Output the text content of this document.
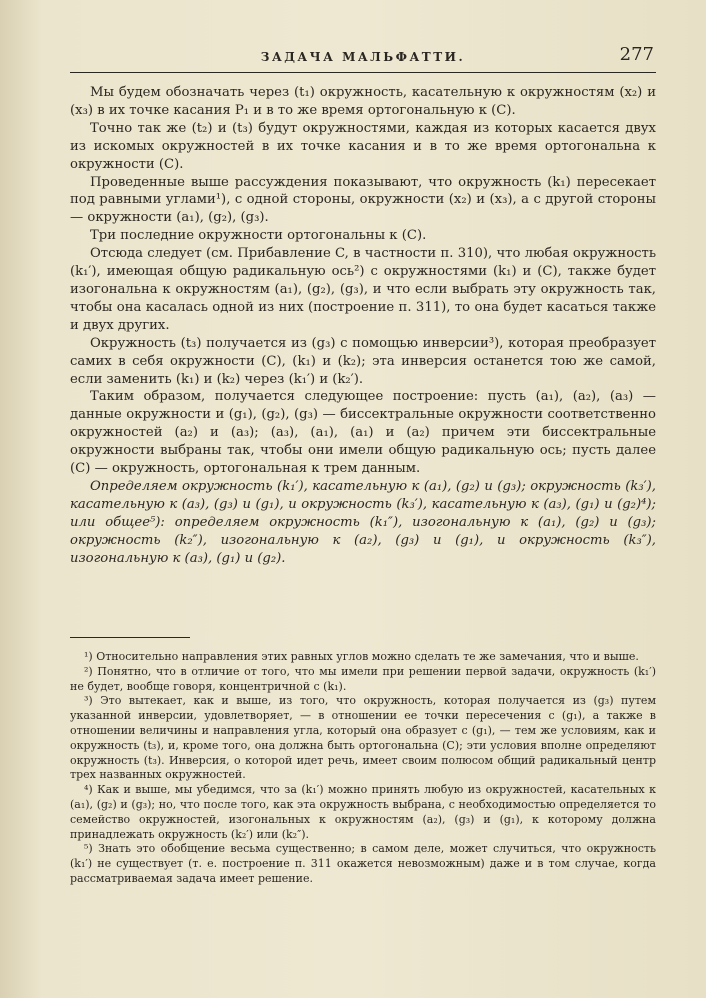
ЗАДАЧА МАЛЬФАТТИ.	277

Мы будем обозначать через (t₁) окружность, касательную к окружностям (x₂) и (x₃) в их точке касания P₁ и в то же время ортогональную к (C).

Точно так же (t₂) и (t₃) будут окружностями, каждая из которых касается двух из искомых окружностей в их точке касания и в то же время ортогональна к окружности (C).

Проведенные выше рассуждения показывают, что окружность (k₁) пересекает под равными углами¹), с одной стороны, окружности (x₂) и (x₃), а с другой стороны — окружности (a₁), (g₂), (g₃).

Три последние окружности ортогональны к (C).

Отсюда следует (см. Прибавление C, в частности п. 310), что любая окружность (k₁′), имеющая общую радикальную ось²) с окружностями (k₁) и (C), также будет изогональна к окружностям (a₁), (g₂), (g₃), и что если выбрать эту окружность так, чтобы она касалась одной из них (построение п. 311), то она будет касаться также и двух других.

Окружность (t₃) получается из (g₃) с помощью инверсии³), которая преобразует самих в себя окружности (C), (k₁) и (k₂); эта инверсия останется тою же самой, если заменить (k₁) и (k₂) через (k₁′) и (k₂′).

Таким образом, получается следующее построение: пусть (a₁), (a₂), (a₃) — данные окружности и (g₁), (g₂), (g₃) — биссектральные окружности соответственно окружностей (a₂) и (a₃); (a₃), (a₁), (a₁) и (a₂) причем эти биссектральные окружности выбраны так, чтобы они имели общую радикальную ось; пусть далее (C) — окружность, ортогональная к трем данным.

Определяем окружность (k₁′), касательную к (a₁), (g₂) и (g₃); окружность (k₃′), касательную к (a₃), (g₃) и (g₁), и окружность (k₃′), касательную к (a₃), (g₁) и (g₂)⁴); или общее⁵): определяем окружность (k₁″), изогональную к (a₁), (g₂) и (g₃); окружность (k₂″), изогональную к (a₂), (g₃) и (g₁), и окружность (k₃″), изогональную к (a₃), (g₁) и (g₂).

¹) Относительно направления этих равных углов можно сделать те же замечания, что и выше.

²) Понятно, что в отличие от того, что мы имели при решении первой задачи, окружность (k₁′) не будет, вообще говоря, концентричной с (k₁).

³) Это вытекает, как и выше, из того, что окружность, которая получается из (g₃) путем указанной инверсии, удовлетворяет, — в отношении ее точки пересечения с (g₁), а также в отношении величины и направления угла, который она образует с (g₁), — тем же условиям, как и окружность (t₃), и, кроме того, она должна быть ортогональна (C); эти условия вполне определяют окружность (t₃). Инверсия, о которой идет речь, имеет своим полюсом общий радикальный центр трех названных окружностей.

⁴) Как и выше, мы убедимся, что за (k₁′) можно принять любую из окружностей, касательных к (a₁), (g₂) и (g₃); но, что после того, как эта окружность выбрана, с необходимостью определяется то семейство окружностей, изогональных к окружностям (a₂), (g₃) и (g₁), к которому должна принадлежать окружность (k₂′) или (k₂″).

⁵) Знать это обобщение весьма существенно; в самом деле, может случиться, что окружность (k₁′) не существует (т. е. построение п. 311 окажется невозможным) даже и в том случае, когда рассматриваемая задача имеет решение.
